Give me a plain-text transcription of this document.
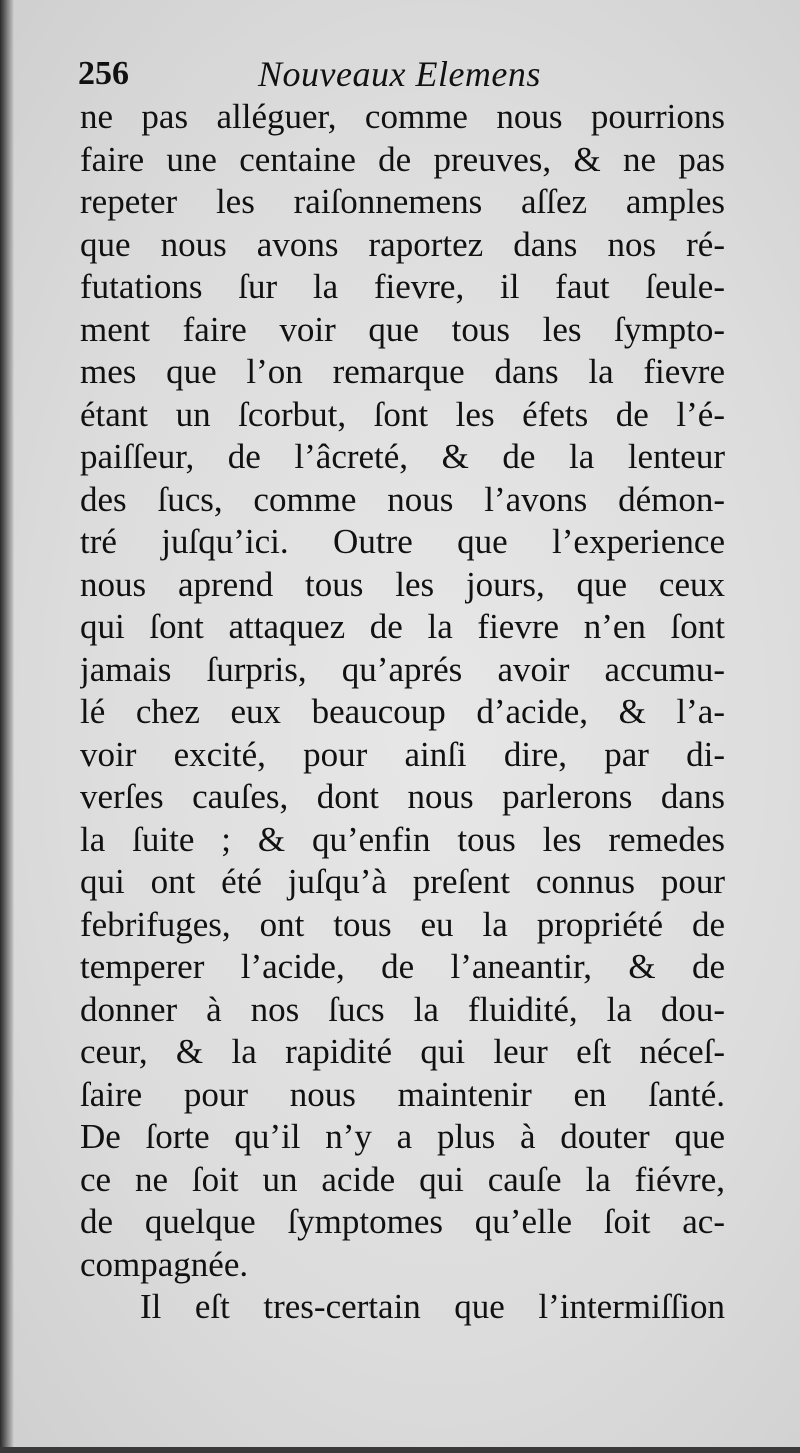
256	Nouveaux Elemens
ne pas alléguer, comme nous pourrions
faire une centaine de preuves, & ne pas
repeter les raiſonnemens aſſez amples
que nous avons raportez dans nos ré-
futations ſur la fievre, il faut ſeule-
ment faire voir que tous les ſympto-
mes que l’on remarque dans la fievre
étant un ſcorbut, ſont les éfets de l’é-
paiſſeur, de l’âcreté, & de la lenteur
des ſucs, comme nous l’avons démon-
tré juſqu’ici. Outre que l’experience
nous aprend tous les jours, que ceux
qui ſont attaquez de la fievre n’en ſont
jamais ſurpris, qu’aprés avoir accumu-
lé chez eux beaucoup d’acide, & l’a-
voir excité, pour ainſi dire, par di-
verſes cauſes, dont nous parlerons dans
la ſuite ; & qu’enfin tous les remedes
qui ont été juſqu’à preſent connus pour
febrifuges, ont tous eu la propriété de
temperer l’acide, de l’aneantir, & de
donner à nos ſucs la fluidité, la dou-
ceur, & la rapidité qui leur eſt néceſ-
ſaire pour nous maintenir en ſanté.
De ſorte qu’il n’y a plus à douter que
ce ne ſoit un acide qui cauſe la fiévre,
de quelque ſymptomes qu’elle ſoit ac-
compagnée.
Il eſt tres-certain que l’intermiſſion
